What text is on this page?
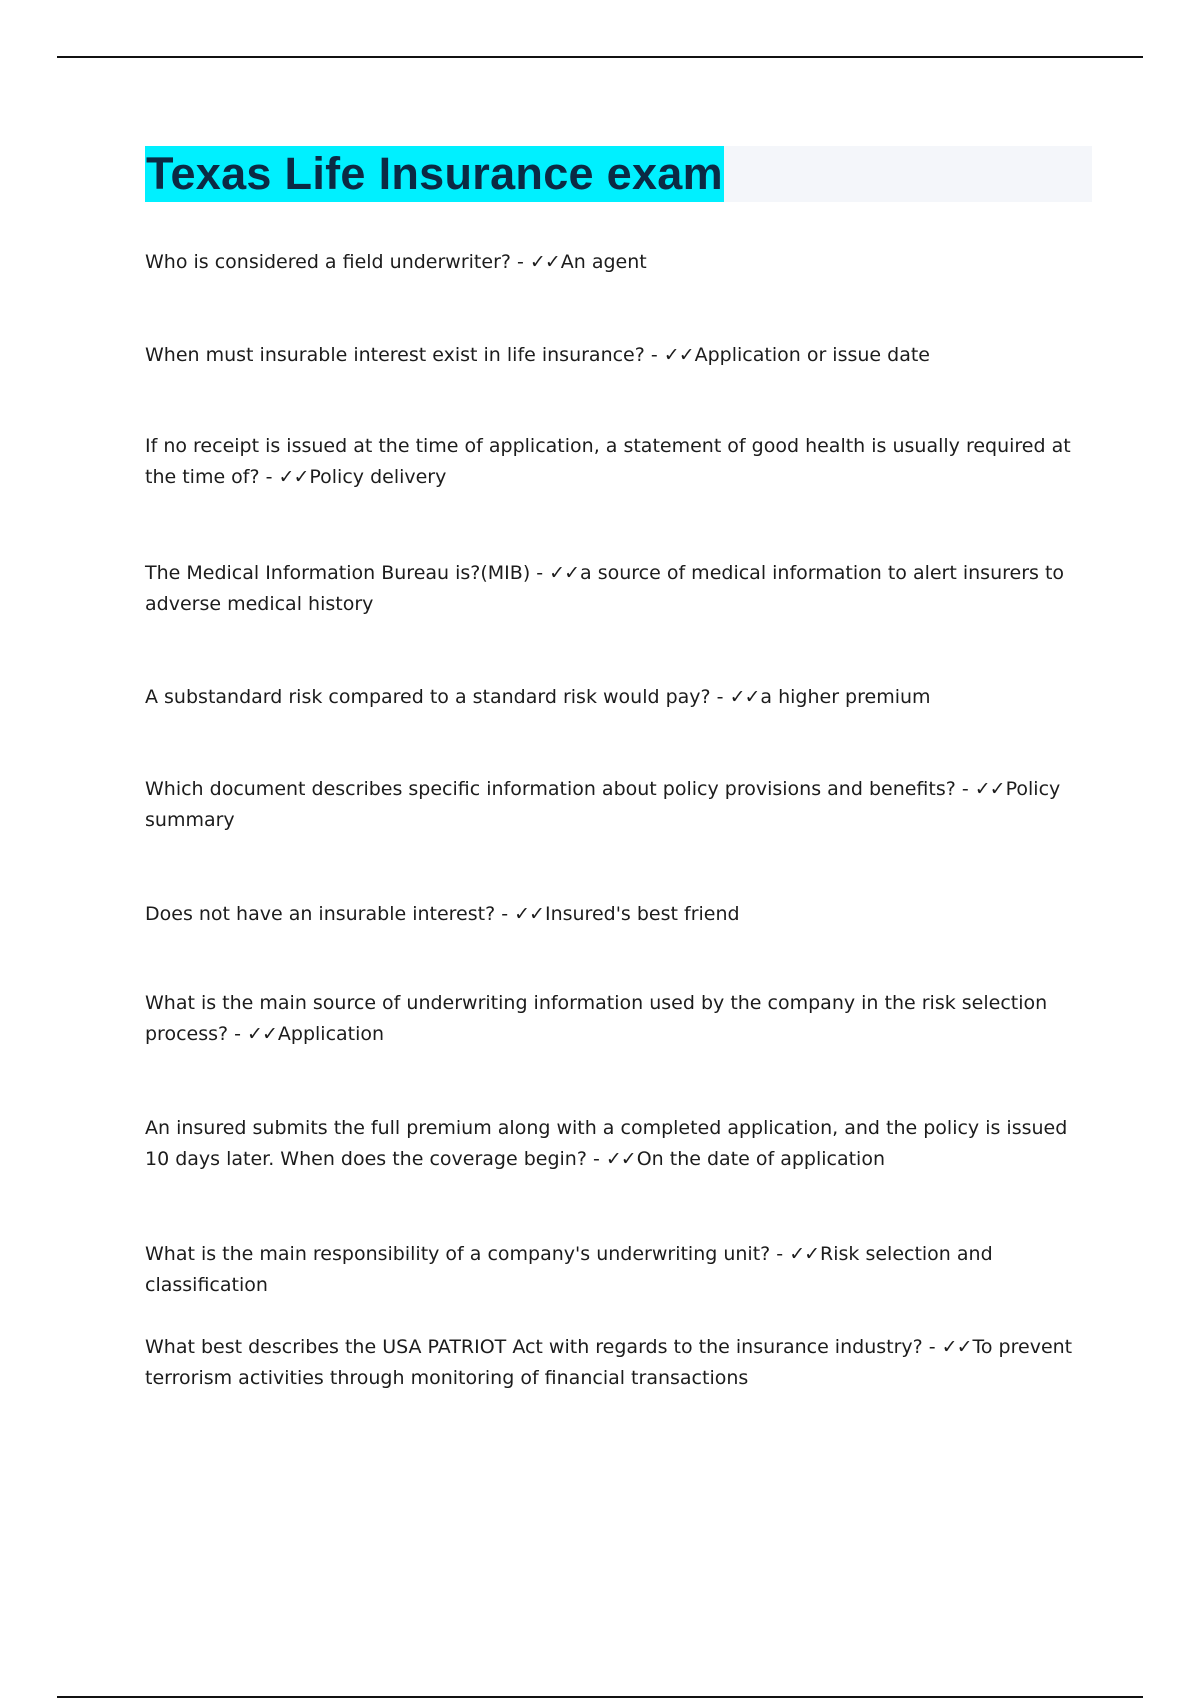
Texas Life Insurance exam

Who is considered a field underwriter? - ✓✓An agent

When must insurable interest exist in life insurance? - ✓✓Application or issue date

If no receipt is issued at the time of application, a statement of good health is usually required at the time of? - ✓✓Policy delivery

The Medical Information Bureau is?(MIB) - ✓✓a source of medical information to alert insurers to adverse medical history

A substandard risk compared to a standard risk would pay? - ✓✓a higher premium

Which document describes specific information about policy provisions and benefits? - ✓✓Policy summary

Does not have an insurable interest? - ✓✓Insured's best friend

What is the main source of underwriting information used by the company in the risk selection process? - ✓✓Application

An insured submits the full premium along with a completed application, and the policy is issued 10 days later. When does the coverage begin? - ✓✓On the date of application

What is the main responsibility of a company's underwriting unit? - ✓✓Risk selection and classification

What best describes the USA PATRIOT Act with regards to the insurance industry? - ✓✓To prevent terrorism activities through monitoring of financial transactions
